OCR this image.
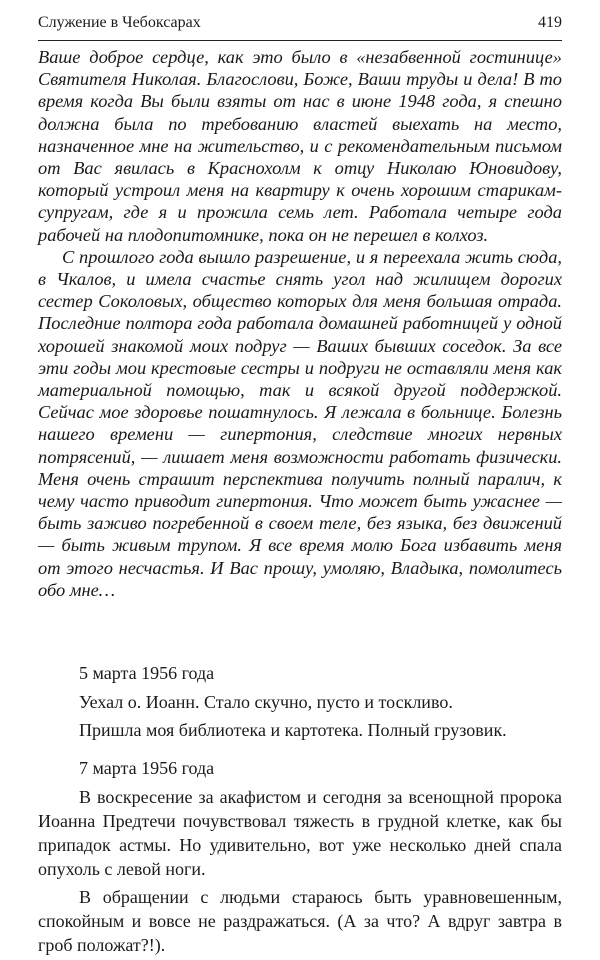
Служение в Чебоксарах	419

Ваше доброе сердце, как это было в «незабвенной гостинице» Святителя Николая. Благослови, Боже, Ваши труды и дела! В то время когда Вы были взяты от нас в июне 1948 года, я спешно должна была по требованию властей выехать на место, назначенное мне на жительство, и с рекомендательным письмом от Вас явилась в Краснохолм к отцу Николаю Юновидову, который устроил меня на квартиру к очень хорошим старикам-супругам, где я и прожила семь лет. Работала четыре года рабочей на плодопитомнике, пока он не перешел в колхоз.

С прошлого года вышло разрешение, и я переехала жить сюда, в Чкалов, и имела счастье снять угол над жилищем дорогих сестер Соколовых, общество которых для меня большая отрада. Последние полтора года работала домашней работницей у одной хорошей знакомой моих подруг — Ваших бывших соседок. За все эти годы мои крестовые сестры и подруги не оставляли меня как материальной помощью, так и всякой другой поддержкой. Сейчас мое здоровье пошатнулось. Я лежала в больнице. Болезнь нашего времени — гипертония, следствие многих нервных потрясений, — лишает меня возможности работать физически. Меня очень страшит перспектива получить полный паралич, к чему часто приводит гипертония. Что может быть ужаснее — быть заживо погребенной в своем теле, без языка, без движений — быть живым трупом. Я все время молю Бога избавить меня от этого несчастья. И Вас прошу, умоляю, Владыка, помолитесь обо мне…

5 марта 1956 года

Уехал о. Иоанн. Стало скучно, пусто и тоскливо.

Пришла моя библиотека и картотека. Полный грузовик.

7 марта 1956 года

В воскресение за акафистом и сегодня за всенощной пророка Иоанна Предтечи почувствовал тяжесть в грудной клетке, как бы припадок астмы. Но удивительно, вот уже несколько дней спала опухоль с левой ноги.

В обращении с людьми стараюсь быть уравновешенным, спокойным и вовсе не раздражаться. (А за что? А вдруг завтра в гроб положат?!).
